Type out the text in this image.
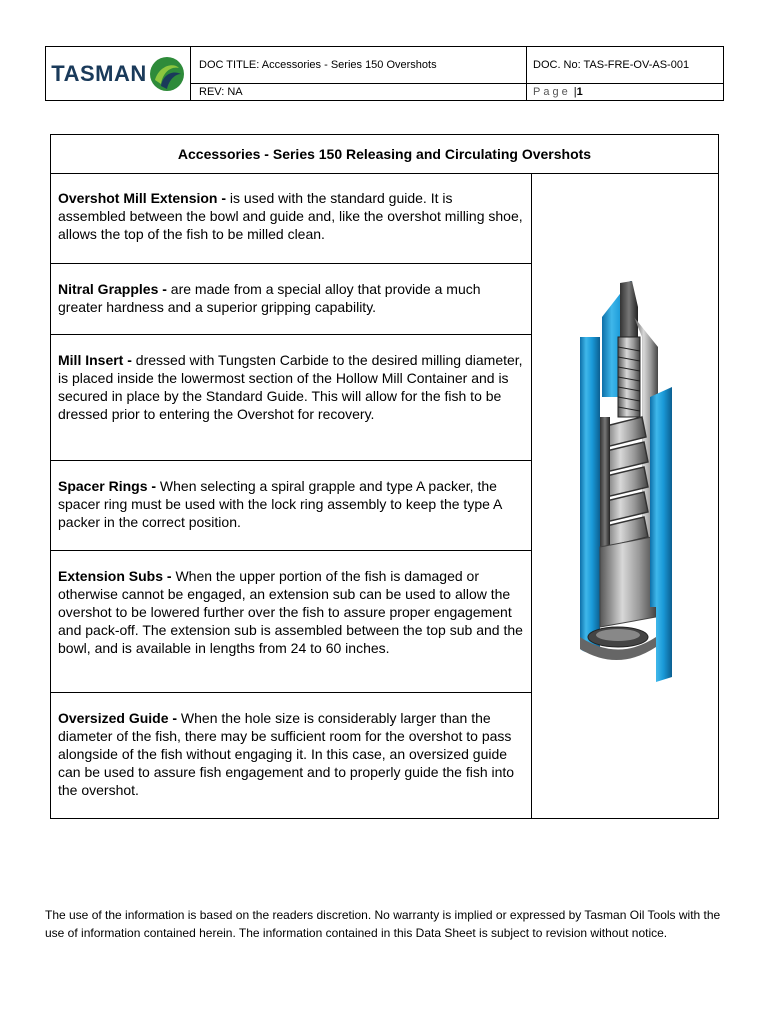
TASMAN	DOC TITLE: Accessories - Series 150 Overshots	DOC. No: TAS-FRE-OV-AS-001
REV: NA	Page |1
Accessories - Series 150 Releasing and Circulating Overshots
Overshot Mill Extension - is used with the standard guide. It is assembled between the bowl and guide and, like the overshot milling shoe, allows the top of the fish to be milled clean.
Nitral Grapples - are made from a special alloy that provide a much greater hardness and a superior gripping capability.
Mill Insert - dressed with Tungsten Carbide to the desired milling diameter, is placed inside the lowermost section of the Hollow Mill Container and is secured in place by the Standard Guide. This will allow for the fish to be dressed prior to entering the Overshot for recovery.
Spacer Rings - When selecting a spiral grapple and type A packer, the spacer ring must be used with the lock ring assembly to keep the type A packer in the correct position.
Extension Subs - When the upper portion of the fish is damaged or otherwise cannot be engaged, an extension sub can be used to allow the overshot to be lowered further over the fish to assure proper engagement and pack-off. The extension sub is assembled between the top sub and the bowl, and is available in lengths from 24 to 60 inches.
Oversized Guide - When the hole size is considerably larger than the diameter of the fish, there may be sufficient room for the overshot to pass alongside of the fish without engaging it. In this case, an oversized guide can be used to assure fish engagement and to properly guide the fish into the overshot.
The use of the information is based on the readers discretion. No warranty is implied or expressed by Tasman Oil Tools with the use of information contained herein. The information contained in this Data Sheet is subject to revision without notice.
